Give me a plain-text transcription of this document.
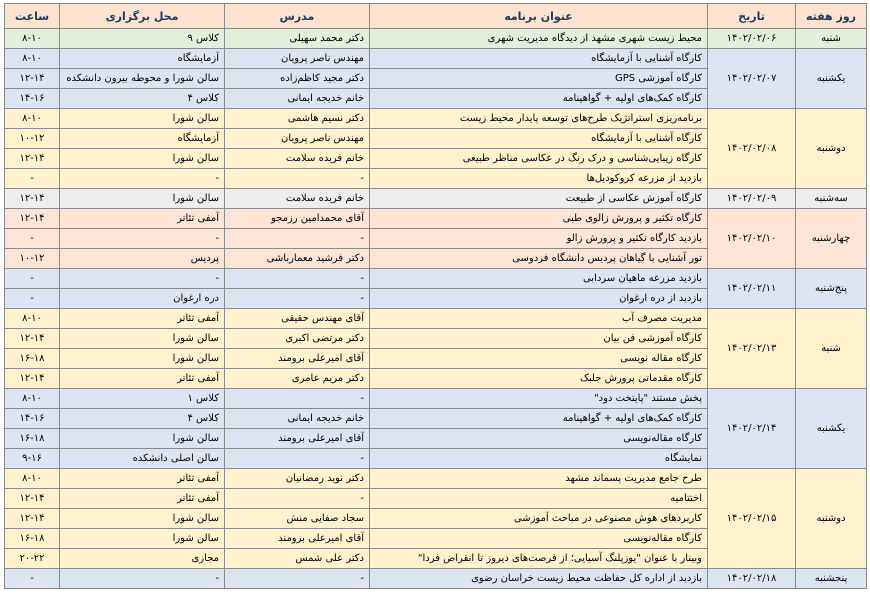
روز هفته	تاریخ	عنوان برنامه	مدرس	محل برگزاری	ساعت
شنبه	۱۴۰۲/۰۲/۰۶	محیط زیست شهری مشهد از دیدگاه مدیریت شهری	دکتر محمد سهیلی	کلاس ۹	۸-۱۰
یکشنبه	۱۴۰۲/۰۲/۰۷	کارگاه آشنایی با آزمایشگاه	مهندس ناصر پرویان	آزمایشگاه	۸-۱۰
		کارگاه آموزشی GPS	دکتر مجید کاظم‌زاده	سالن شورا و محوطه بیرون دانشکده	۱۲-۱۴
		کارگاه کمک‌های اولیه + گواهینامه	خانم خدیجه ایمانی	کلاس ۴	۱۴-۱۶
دوشنبه	۱۴۰۲/۰۲/۰۸	برنامه‌ریزی استراتژیک طرح‌های توسعه پایدار محیط زیست	دکتر نسیم هاشمی	سالن شورا	۸-۱۰
		کارگاه آشنایی با آزمایشگاه	مهندس ناصر پرویان	آزمایشگاه	۱۰-۱۲
		کارگاه زیبایی‌شناسی و درک رنگ در عکاسی مناظر طبیعی	خانم فریده سلامت	سالن شورا	۱۲-۱۴
		بازدید از مزرعه کروکودیل‌ها	-	-	-
سه‌شنبه	۱۴۰۲/۰۲/۰۹	کارگاه آموزش عکاسی از طبیعت	خانم فریده سلامت	سالن شورا	۱۲-۱۴
چهارشنبه	۱۴۰۲/۰۲/۱۰	کارگاه تکثیر و پرورش زالوی طبی	آقای محمدامین رزمجو	آمفی تئاتر	۱۲-۱۴
		بازدید کارگاه تکثیر و پرورش زالو	-	-	-
		تور آشنایی با گیاهان پردیس دانشگاه فردوسی	دکتر فرشید معمارباشی	پردیس	۱۰-۱۲
پنج‌شنبه	۱۴۰۲/۰۲/۱۱	بازدید مزرعه ماهیان سردابی	-	-	-
		بازدید از دره ارغوان	-	دره ارغوان	-
شنبه	۱۴۰۲/۰۲/۱۳	مدیریت مصرف آب	آقای مهندس حقیقی	آمفی تئاتر	۸-۱۰
		کارگاه آموزشی فن بیان	دکتر مرتضی اکبری	سالن شورا	۱۲-۱۴
		کارگاه مقاله نویسی	آقای امیرعلی برومند	سالن شورا	۱۶-۱۸
		کارگاه مقدماتی پرورش جلبک	دکتر مریم عامری	آمفی تئاتر	۱۲-۱۴
یکشنبه	۱۴۰۲/۰۲/۱۴	پخش مستند "پایتخت دود"	-	کلاس ۱	۸-۱۰
		کارگاه کمک‌های اولیه + گواهینامه	خانم خدیجه ایمانی	کلاس ۴	۱۴-۱۶
		کارگاه مقاله‌نویسی	آقای امیرعلی برومند	سالن شورا	۱۶-۱۸
		نمایشگاه	-	سالن اصلی دانشکده	۹-۱۶
دوشنبه	۱۴۰۲/۰۲/۱۵	طرح جامع مدیریت پسماند مشهد	دکتر نوید رمضانیان	آمفی تئاتر	۸-۱۰
		اختتامیه	-	آمفی تئاتر	۱۲-۱۴
		کاربردهای هوش مصنوعی در مباحث آموزشی	سجاد صفایی منش	سالن شورا	۱۲-۱۴
		کارگاه مقاله‌نویسی	آقای امیرعلی برومند	سالن شورا	۱۶-۱۸
		وبینار با عنوان "یوزپلنگ آسیایی؛ از فرصت‌های دیروز تا انقراض فردا"	دکتر علی شمس	مجازی	۲۰-۲۲
پنجشنبه	۱۴۰۲/۰۲/۱۸	بازدید از اداره کل حفاظت محیط زیست خراسان رضوی	-	-	-
